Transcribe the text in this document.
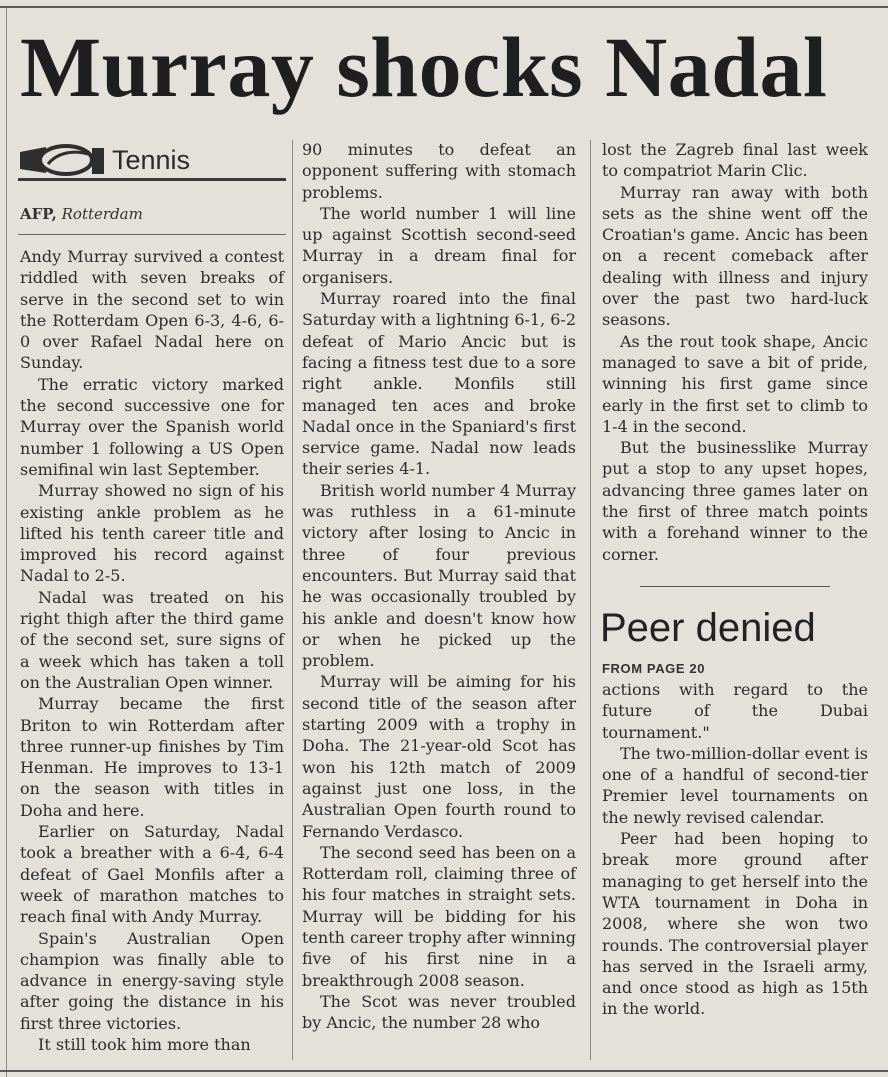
Murray shocks Nadal
Tennis
AFP, Rotterdam

Andy Murray survived a contest riddled with seven breaks of serve in the second set to win the Rotterdam Open 6-3, 4-6, 6-0 over Rafael Nadal here on Sunday.

The erratic victory marked the second successive one for Murray over the Spanish world number 1 following a US Open semifinal win last September.

Murray showed no sign of his existing ankle problem as he lifted his tenth career title and improved his record against Nadal to 2-5.

Nadal was treated on his right thigh after the third game of the second set, sure signs of a week which has taken a toll on the Australian Open winner.

Murray became the first Briton to win Rotterdam after three runner-up finishes by Tim Henman. He improves to 13-1 on the season with titles in Doha and here.

Earlier on Saturday, Nadal took a breather with a 6-4, 6-4 defeat of Gael Monfils after a week of marathon matches to reach final with Andy Murray.

Spain's Australian Open champion was finally able to advance in energy-saving style after going the distance in his first three victories.

It still took him more than

90 minutes to defeat an opponent suffering with stomach problems.

The world number 1 will line up against Scottish second-seed Murray in a dream final for organisers.

Murray roared into the final Saturday with a lightning 6-1, 6-2 defeat of Mario Ancic but is facing a fitness test due to a sore right ankle. Monfils still managed ten aces and broke Nadal once in the Spaniard's first service game. Nadal now leads their series 4-1.

British world number 4 Murray was ruthless in a 61-minute victory after losing to Ancic in three of four previous encounters. But Murray said that he was occasionally troubled by his ankle and doesn't know how or when he picked up the problem.

Murray will be aiming for his second title of the season after starting 2009 with a trophy in Doha. The 21-year-old Scot has won his 12th match of 2009 against just one loss, in the Australian Open fourth round to Fernando Verdasco.

The second seed has been on a Rotterdam roll, claiming three of his four matches in straight sets. Murray will be bidding for his tenth career trophy after winning five of his first nine in a breakthrough 2008 season.

The Scot was never troubled by Ancic, the number 28 who

lost the Zagreb final last week to compatriot Marin Clic.

Murray ran away with both sets as the shine went off the Croatian's game. Ancic has been on a recent comeback after dealing with illness and injury over the past two hard-luck seasons.

As the rout took shape, Ancic managed to save a bit of pride, winning his first game since early in the first set to climb to 1-4 in the second.

But the businesslike Murray put a stop to any upset hopes, advancing three games later on the first of three match points with a forehand winner to the corner.

Peer denied
FROM PAGE 20

actions with regard to the future of the Dubai tournament."

The two-million-dollar event is one of a handful of second-tier Premier level tournaments on the newly revised calendar.

Peer had been hoping to break more ground after managing to get herself into the WTA tournament in Doha in 2008, where she won two rounds. The controversial player has served in the Israeli army, and once stood as high as 15th in the world.
